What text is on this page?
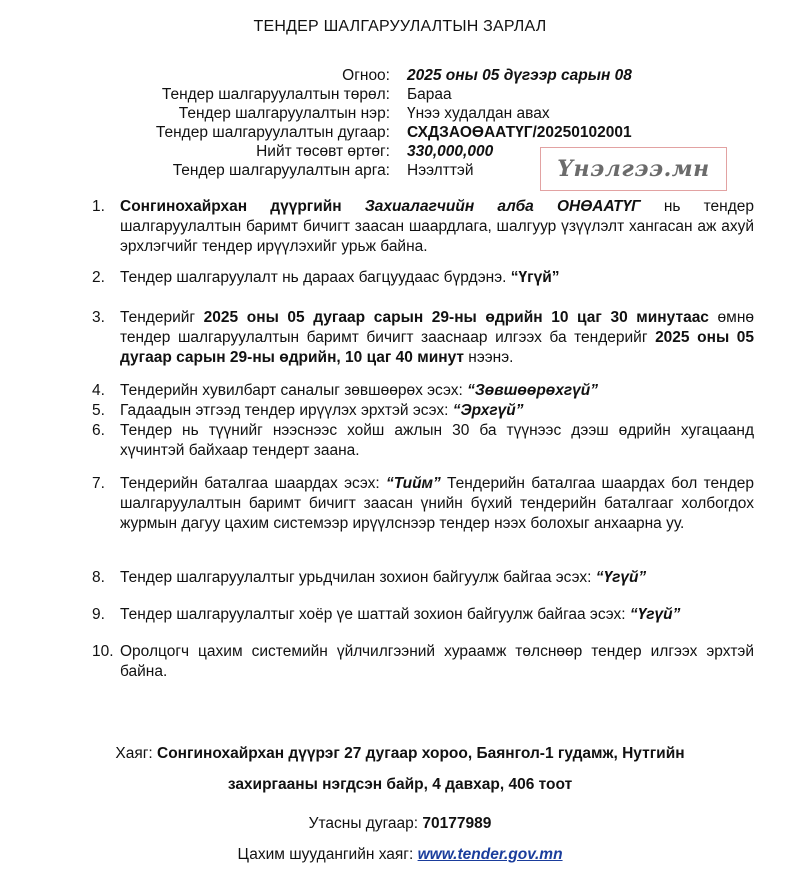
ТЕНДЕР ШАЛГАРУУЛАЛТЫН ЗАРЛАЛ
Огноо: 2025 оны 05 дүгээр сарын 08
Тендер шалгаруулалтын төрөл: Бараа
Тендер шалгаруулалтын нэр: Үнээ худалдан авах
Тендер шалгаруулалтын дугаар: СХДЗАОӨААТҮГ/20250102001
Нийт төсөвт өртөг: 330,000,000
Тендер шалгаруулалтын арга: Нээлттэй	Үнэлгээ.мн
1. Сонгинохайрхан дүүргийн Захиалагчийн алба ОНӨААТҮГ нь тендер шалгаруулалтын баримт бичигт заасан шаардлага, шалгуур үзүүлэлт хангасан аж ахуй эрхлэгчийг тендер ирүүлэхийг урьж байна.
2. Тендер шалгаруулалт нь дараах багцуудаас бүрдэнэ. “Үгүй”
3. Тендерийг 2025 оны 05 дугаар сарын 29-ны өдрийн 10 цаг 30 минутаас өмнө тендер шалгаруулалтын баримт бичигт зааснаар илгээх ба тендерийг 2025 оны 05 дугаар сарын 29-ны өдрийн, 10 цаг 40 минут нээнэ.
4. Тендерийн хувилбарт саналыг зөвшөөрөх эсэх: “Зөвшөөрөхгүй”
5. Гадаадын этгээд тендер ирүүлэх эрхтэй эсэх: “Эрхгүй”
6. Тендер нь түүнийг нээснээс хойш ажлын 30 ба түүнээс дээш өдрийн хугацаанд хүчинтэй байхаар тендерт заана.
7. Тендерийн баталгаа шаардах эсэх: “Тийм” Тендерийн баталгаа шаардах бол тендер шалгаруулалтын баримт бичигт заасан үнийн бүхий тендерийн баталгааг холбогдох журмын дагуу цахим системээр ирүүлснээр тендер нээх болохыг анхаарна уу.
8. Тендер шалгаруулалтыг урьдчилан зохион байгуулж байгаа эсэх: “Үгүй”
9. Тендер шалгаруулалтыг хоёр үе шаттай зохион байгуулж байгаа эсэх: “Үгүй”
10. Оролцогч цахим системийн үйлчилгээний хураамж төлснөөр тендер илгээх эрхтэй байна.
Хаяг: Сонгинохайрхан дүүрэг 27 дугаар хороо, Баянгол-1 гудамж, Нутгийн
захиргааны нэгдсэн байр, 4 давхар, 406 тоот
Утасны дугаар: 70177989
Цахим шуудангийн хаяг: www.tender.gov.mn
